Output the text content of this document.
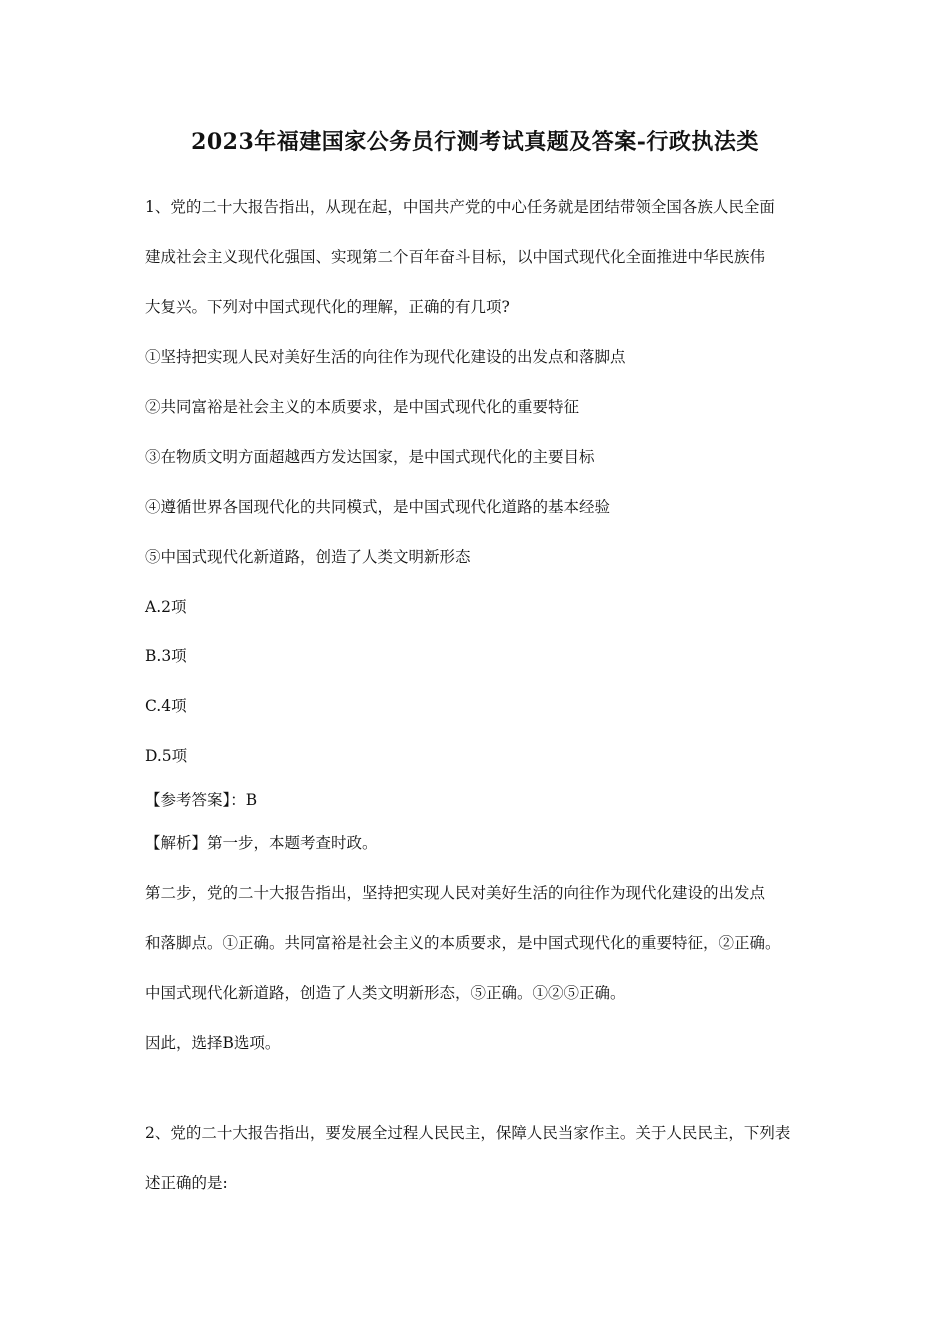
2023年福建国家公务员行测考试真题及答案-行政执法类
1、党的二十大报告指出，从现在起，中国共产党的中心任务就是团结带领全国各族人民全面
建成社会主义现代化强国、实现第二个百年奋斗目标，以中国式现代化全面推进中华民族伟
大复兴。下列对中国式现代化的理解，正确的有几项?
①坚持把实现人民对美好生活的向往作为现代化建设的出发点和落脚点
②共同富裕是社会主义的本质要求，是中国式现代化的重要特征
③在物质文明方面超越西方发达国家，是中国式现代化的主要目标
④遵循世界各国现代化的共同模式，是中国式现代化道路的基本经验
⑤中国式现代化新道路，创造了人类文明新形态
A.2项
B.3项
C.4项
D.5项
【参考答案】：B
【解析】第一步，本题考查时政。
第二步，党的二十大报告指出，坚持把实现人民对美好生活的向往作为现代化建设的出发点
和落脚点。①正确。共同富裕是社会主义的本质要求，是中国式现代化的重要特征，②正确。
中国式现代化新道路，创造了人类文明新形态，⑤正确。①②⑤正确。
因此，选择B选项。
2、党的二十大报告指出，要发展全过程人民民主，保障人民当家作主。关于人民民主，下列表
述正确的是:
